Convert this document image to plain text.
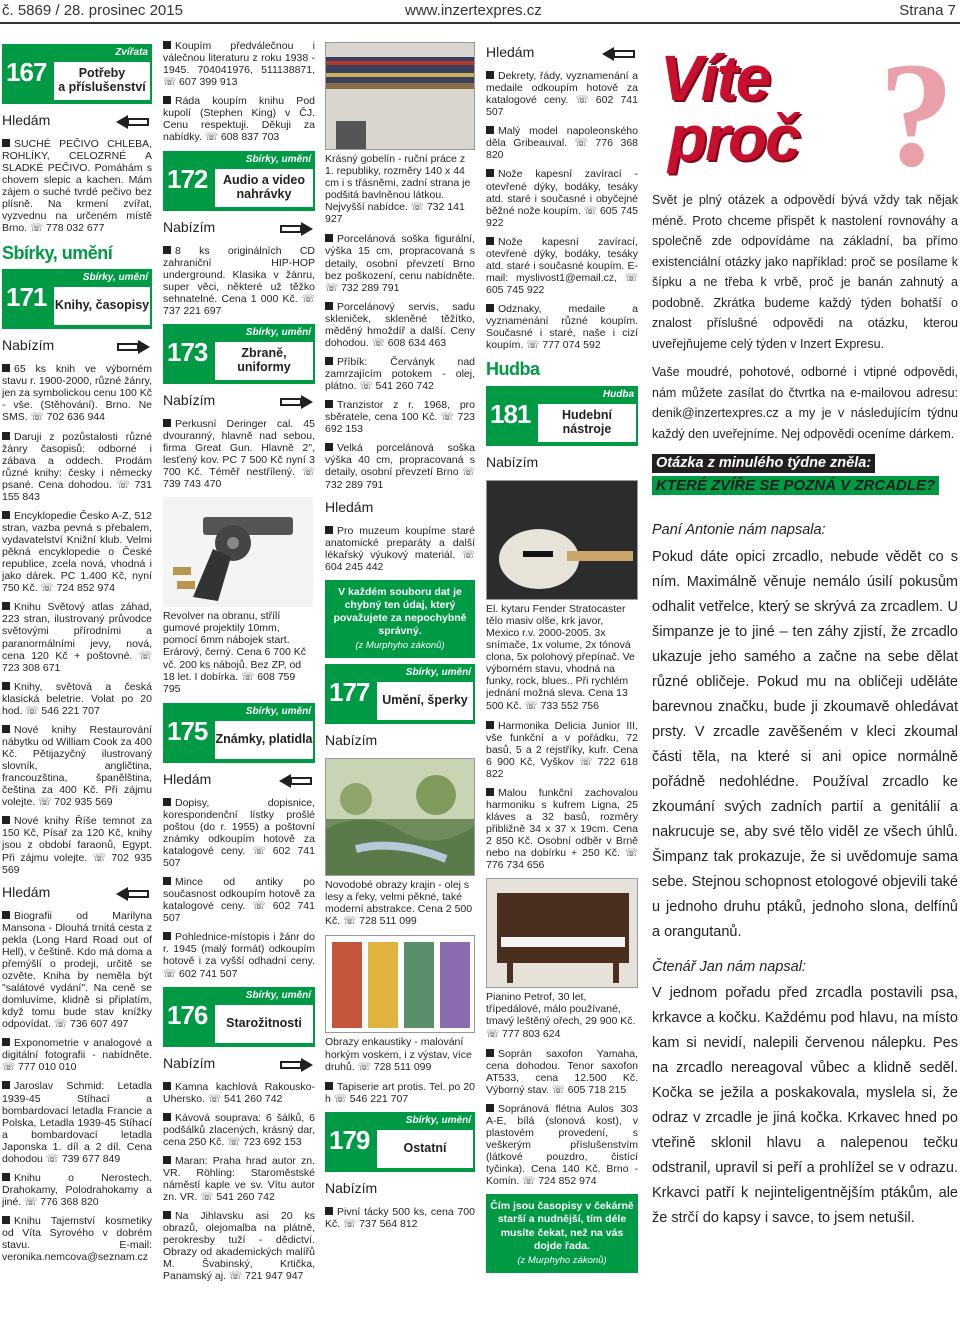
č. 5869 / 28. prosinec 2015	www.inzertexpres.cz	Strana 7
167
Zvířata
Potřeby
a příslušenství
Hledám

SUCHÉ PEČIVO CHLEBA, ROHLÍKY, CELOZRNÉ A SLADKÉ PEČIVO. Pomáhám s chovem slepic a kachen. Mám zájem o suché tvrdé pečivo bez plísně. Na krmení zvířat, vyzvednu na určeném místě Brno. ☏ 778 032 677

Sbírky, umění
171
Sbírky, umění
Knihy, časopisy
Nabízím

65 ks knih ve výborném stavu r. 1900-2000, různé žánry, jen za symbolickou cenu 100 Kč - vše. (Stěhování). Brno. Ne SMS. ☏ 702 636 944

Daruji z pozůstalosti různé žánry časopisů: odborné i zábava a oddech. Prodám různé knihy: česky i německy psané. Cena dohodou. ☏ 731 155 843

Encyklopedie Česko A-Z, 512 stran, vazba pevná s přebalem, vydavatelství Knižní klub. Velmi pěkná encyklopedie o České republice, zcela nová, vhodná i jako dárek. PC 1.400 Kč, nyní 750 Kč. ☏ 724 852 974

Knihu Světový atlas záhad, 223 stran, ilustrovaný průvodce světovými přírodními a paranormálními jevy, nová, cena 120 Kč + poštovné. ☏ 723 308 671

Knihy, světová a česká klasická beletrie. Volat po 20 hod. ☏ 546 221 707

Nové knihy Restaurování nábytku od William Cook za 400 Kč. Pětijazyčný ilustrovaný slovník, angličtina, francouzština, španělština, čeština za 400 Kč. Při zájmu volejte. ☏ 702 935 569

Nové knihy Říše temnot za 150 Kč, Písař za 120 Kč, knihy jsou z období faraonů, Egypt. Při zájmu volejte. ☏ 702 935 569

Hledám

Biografii od Marilyna Mansona - Dlouhá trnitá cesta z pekla (Long Hard Road out of Hell), v češtině. Kdo má doma a přemýšlí o prodeji, určitě se ozvěte. Kniha by neměla být "salátové vydání". Na ceně se domluvíme, klidně si připlatím, když tomu bude stav knížky odpovídat. ☏ 736 607 497

Exponometrie v analogové a digitální fotografii - nabídněte. ☏ 777 010 010

Jaroslav Schmid: Letadla 1939-45 Stíhací a bombardovací letadla Francie a Polska, Letadla 1939-45 Stíhací a bombardovací letadla Japonska 1. díl a 2 díl. Cena dohodou ☏ 739 677 849

Knihu o Nerostech. Drahokamy, Polodrahokamy a jiné. ☏ 776 368 820

Knihu Tajemství kosmetiky od Víta Syrového v dobrém stavu. E-mail: veronika.nemcova@seznam.cz

Koupím předválečnou i válečnou literaturu z roku 1938 - 1945. 704041976, 511138871, ☏ 607 399 913

Ráda koupím knihu Pod kupolí (Stephen King) v ČJ. Cenu respektuji. Děkuji za nabídky. ☏ 608 837 703

172
Sbírky, umění
Audio a video
nahrávky
Nabízím

8 ks originálních CD zahraniční HIP-HOP underground. Klasika v žánru, super věci, některé už těžko sehnatelné. Cena 1 000 Kč. ☏ 737 221 697

173
Sbírky, umění
Zbraně, uniformy
Nabízím

Perkusní Deringer cal. 45 dvouranný, hlavně nad sebou, firma Great Gun. Hlavně 2", lesťený kov. PC 7 500 Kč nyní 3 700 Kč. Téměř nestřílený. ☏ 739 743 470

Revolver na obranu, střílí gumové projektily 10mm, pomocí 6mm nábojek start. Erárový, černý. Cena 6 700 Kč vč. 200 ks nábojů. Bez ZP, od 18 let. I dobírka. ☏ 608 759 795

175
Sbírky, umění
Známky, platidla
Hledám

Dopisy, dopisnice, korespondenční lístky prošlé poštou (do r. 1955) a poštovní známky odkoupím hotově za katalogové ceny. ☏ 602 741 507

Mince od antiky po současnost odkoupím hotově za katalogové ceny. ☏ 602 741 507

Pohlednice-místopis i žánr do r. 1945 (malý formát) odkoupím hotově i za vyšší odhadní ceny. ☏ 602 741 507

176
Sbírky, umění
Starožitnosti
Nabízím

Kamna kachlová Rakousko-Uhersko. ☏ 541 260 742

Kávová souprava: 6 šálků, 6 podšálků zlacených, krásný dar, cena 250 Kč. ☏ 723 692 153

Maran: Praha hrad autor zn. VR. Röhling: Staroměstské náměstí kaple ve sv. Vítu autor zn. VR. ☏ 541 260 742

Na Jihlavsku asi 20 ks obrazů, olejomalba na plátně, perokresby tuží - dědictví. Obrazy od akademických malířů M. Švabinský, Krtička, Panamský aj. ☏ 721 947 947

Krásný gobelín - ruční práce z 1. republiky, rozměry 140 x 44 cm i s třásněmi, zadní strana je podšitá bavlněnou látkou. Nejvyšší nabídce. ☏ 732 141 927

Porcelánová soška figurální, výška 15 cm, propracovaná s detaily, osobní převzetí Brno bez poškození, cenu nabídněte. ☏ 732 289 791

Porcelánový servis, sadu skleniček, skleněné těžítko, měděný hmoždíř a další. Ceny dohodou. ☏ 608 634 463

Příbík: Červányk nad zamrzajícím potokem - olej, plátno. ☏ 541 260 742

Tranzistor z r. 1968, pro sběratele, cena 100 Kč. ☏ 723 692 153

Velká porcelánová soška výška 40 cm, propracovaná s detaily, osobní převzetí Brno ☏ 732 289 791

Hledám

Pro muzeum koupíme staré anatomické preparáty a další lékařský výukový materiál. ☏ 604 245 442

V každém souboru dat je chybný ten údaj, který považujete za nepochybně správný.
(z Murphyho zákonů)
177
Sbírky, umění
Umění, šperky
Nabízím

Novodobé obrazy krajin - olej s lesy a řeky, velmi pěkné, také moderní abstrakce. Cena 2 500 Kč. ☏ 728 511 099

Obrazy enkaustiky - malování horkým voskem, i z výstav, více druhů. ☏ 728 511 099

Tapiserie art protis. Tel. po 20 h ☏ 546 221 707

179
Sbírky, umění
Ostatní
Nabízím

Pivní tácky 500 ks, cena 700 Kč. ☏ 737 564 812

Hledám

Dekrety, řády, vyznamenání a medaile odkoupím hotově za katalogové ceny. ☏ 602 741 507

Malý model napoleonského děla Gribeauval. ☏ 776 368 820

Nože kapesní zavírací - otevřené dýky, bodáky, tesáky atd. staré i současné i obyčejné běžné nože koupím. ☏ 605 745 922

Nože kapesní zavírací, otevřené dýky, bodáky, tesáky atd. staré i současné koupím. E-mail: myslivost1@email.cz, ☏ 605 745 922

Odznaky, medaile a vyznamenání různé koupím. Současné i staré, naše i cizí koupím. ☏ 777 074 592

Hudba
181
Hudba
Hudební nástroje
Nabízím

El. kytaru Fender Stratocaster tělo masiv olše, krk javor, Mexico r.v. 2000-2005. 3x snímače, 1x volume, 2x tónová clona, 5x polohový přepínač. Ve výborném stavu, vhodná na funky, rock, blues.. Při rychlém jednání možná sleva. Cena 13 500 Kč. ☏ 733 552 756

Harmonika Delicia Junior III, vše funkční a v pořádku, 72 basů, 5 a 2 rejstříky, kufr. Cena 6 900 Kč, Vyškov ☏ 722 618 822

Malou funkční zachovalou harmoniku s kufrem Ligna, 25 kláves a 32 basů, rozměry přibližně 34 x 37 x 19cm. Cena 2 850 Kč. Osobní odběr v Brně nebo na dobírku + 250 Kč. ☏ 776 734 656

Pianino Petrof, 30 let, třípedálové, málo používané, tmavý leštěný ořech, 29 900 Kč. ☏ 777 803 624

Soprán saxofon Yamaha, cena dohodou. Tenor saxofon AT533, cena 12.500 Kč. Výborný stav. ☏ 605 718 215

Sopránová flétna Aulos 303 A-E, bílá (slonová kost), v plastovém provedení, s veškerým příslušenstvím (látkové pouzdro, čistící tyčinka). Cena 140 Kč. Brno - Komín. ☏ 724 852 974

Čím jsou časopisy v čekárně starší a nudnější, tím déle musíte čekat, než na vás dojde řada.
(z Murphyho zákonů)
?
Víte
proč

Svět je plný otázek a odpovědí bývá vždy tak nějak méně. Proto chceme přispět k nastolení rovnováhy a společně zde odpovídáme na základní, ba přímo existenciální otázky jako například: proč se posílame k šípku a ne třeba k vrbě, proč je banán zahnutý a podobně. Zkrátka budeme každý týden bohatší o znalost příslušné odpovědi na otázku, kterou uveřejňujeme celý týden v Inzert Expresu.

Vaše moudré, pohotové, odborné i vtipné odpovědi, nám můžete zasílat do čtvrtka na e-mailovou adresu: denik@inzertexpres.cz a my je v následujícím týdnu každý den uveřejníme. Nej odpovědi oceníme dárkem.

Otázka z minulého týdne zněla:
KTERÉ ZVÍŘE SE POZNÁ V ZRCADLE?
Paní Antonie nám napsala:

Pokud dáte opici zrcadlo, nebude vědět co s ním. Maximálně věnuje nemálo úsilí pokusům odhalit vetřelce, který se skrývá za zrcadlem. U šimpanze je to jiné – ten záhy zjistí, že zrcadlo ukazuje jeho samého a začne na sebe dělat různé obličeje. Pokud mu na obličeji uděláte barevnou značku, bude ji zkoumavě ohledávat prsty. V zrcadle zavěšeném v kleci zkoumal části těla, na které si ani opice normálně pořádně nedohlédne. Používal zrcadlo ke zkoumání svých zadních partií a genitálií a nakrucuje se, aby své tělo viděl ze všech úhlů. Šimpanz tak prokazuje, že si uvědomuje sama sebe. Stejnou schopnost etologové objevili také u jednoho druhu ptáků, jednoho slona, delfínů a orangutanů.

Čtenář Jan nám napsal:

V jednom pořadu před zrcadla postavili psa, krkavce a kočku. Každému pod hlavu, na místo kam si nevidí, nalepili červenou nálepku. Pes na zrcadlo nereagoval vůbec a klidně seděl. Kočka se ježila a poskakovala, myslela si, že odraz v zrcadle je jiná kočka. Krkavec hned po vteřině sklonil hlavu a nalepenou tečku odstranil, upravil si peří a prohlížel se v odrazu. Krkavci patří k nejinteligentnějším ptákům, ale že strčí do kapsy i savce, to jsem netušil.
